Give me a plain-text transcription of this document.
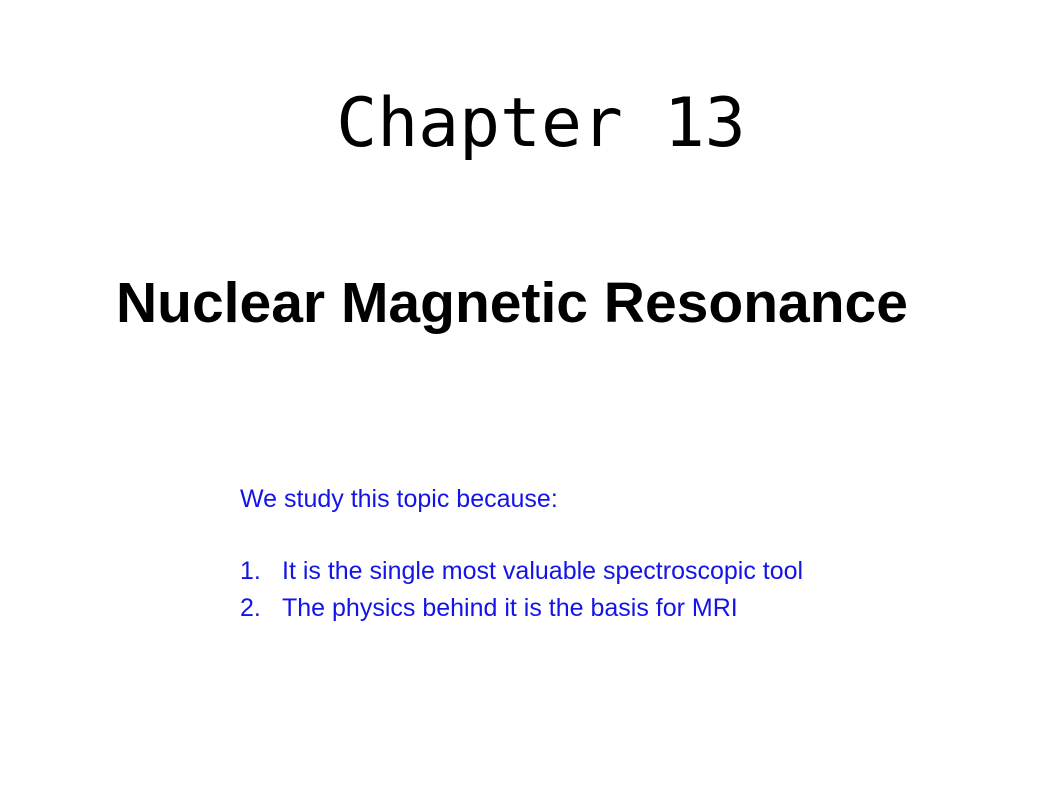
Chapter 13
Nuclear Magnetic Resonance
We study this topic because:
1. It is the single most valuable spectroscopic tool
2. The physics behind it is the basis for MRI
